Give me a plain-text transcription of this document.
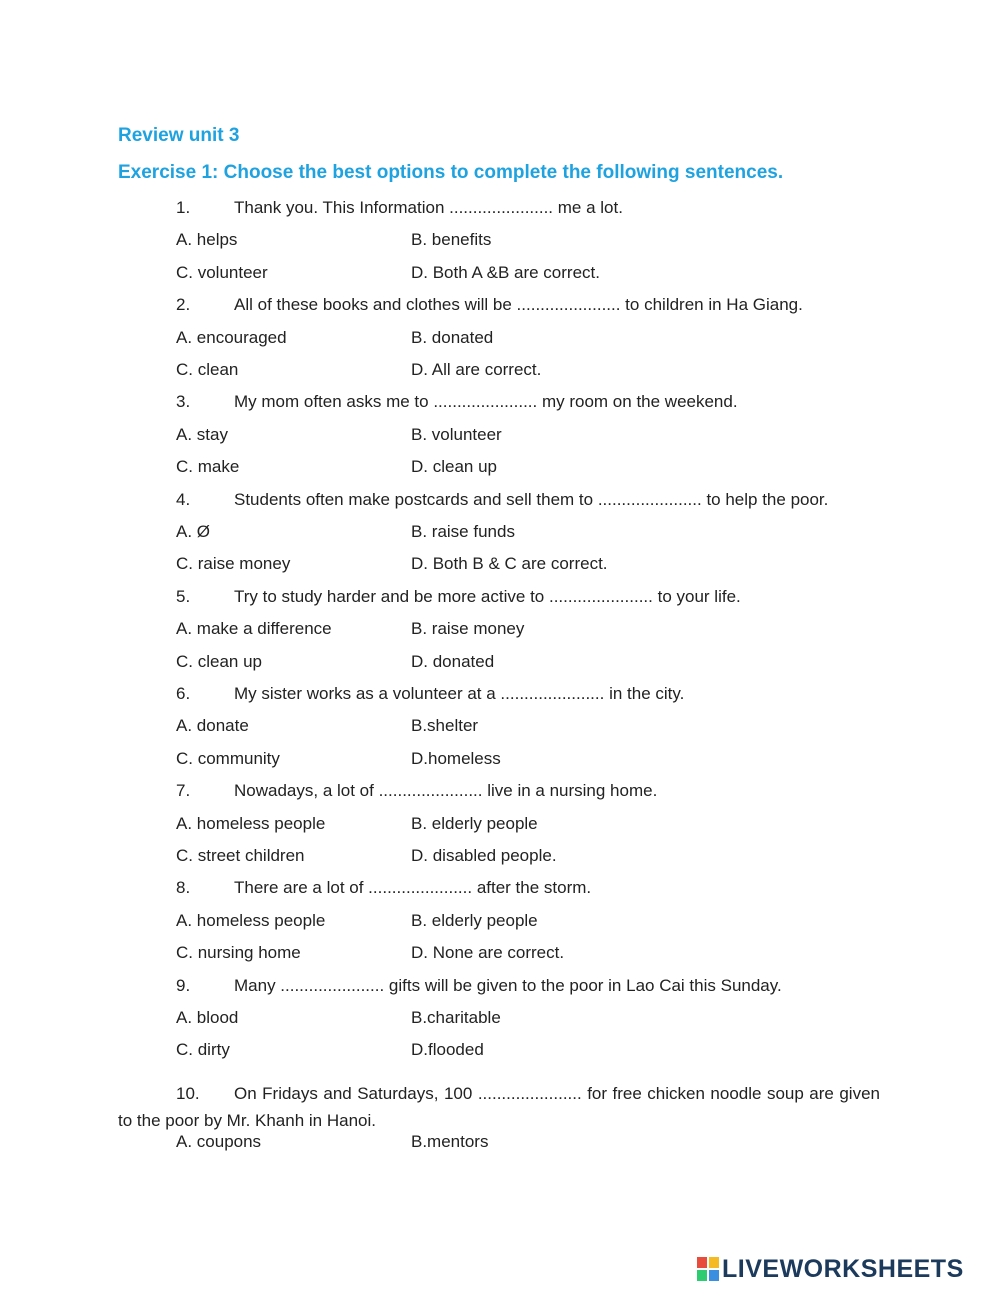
Review unit 3
Exercise 1: Choose the best options to complete the following sentences.
1.	Thank you. This Information ...................... me a lot.
A. helps	B. benefits
C. volunteer	D. Both A &B are correct.
2.	All of these books and clothes will be ...................... to children in Ha Giang.
A. encouraged	B. donated
C. clean	D. All are correct.
3.	My mom often asks me to ...................... my room on the weekend.
A. stay	B. volunteer
C. make	D. clean up
4.	Students often make postcards and sell them to ...................... to help the poor.
A. Ø	B. raise funds
C. raise money	D. Both B & C are correct.
5.	Try to study harder and be more active to ...................... to your life.
A. make a difference	B. raise money
C. clean up	D. donated
6.	My sister works as a volunteer at a ...................... in the city.
A. donate	B.shelter
C. community	D.homeless
7.	Nowadays, a lot of ...................... live in a nursing home.
A. homeless people	B. elderly people
C. street children	D. disabled people.
8.	There are a lot of ...................... after the storm.
A. homeless people	B. elderly people
C. nursing home	D. None are correct.
9.	Many ...................... gifts will be given to the poor in Lao Cai this Sunday.
A. blood	B.charitable
C. dirty	D.flooded
10. On Fridays and Saturdays, 100 ...................... for free chicken noodle soup are given to the poor by Mr. Khanh in Hanoi.
A. coupons	B.mentors
LIVEWORKSHEETS
